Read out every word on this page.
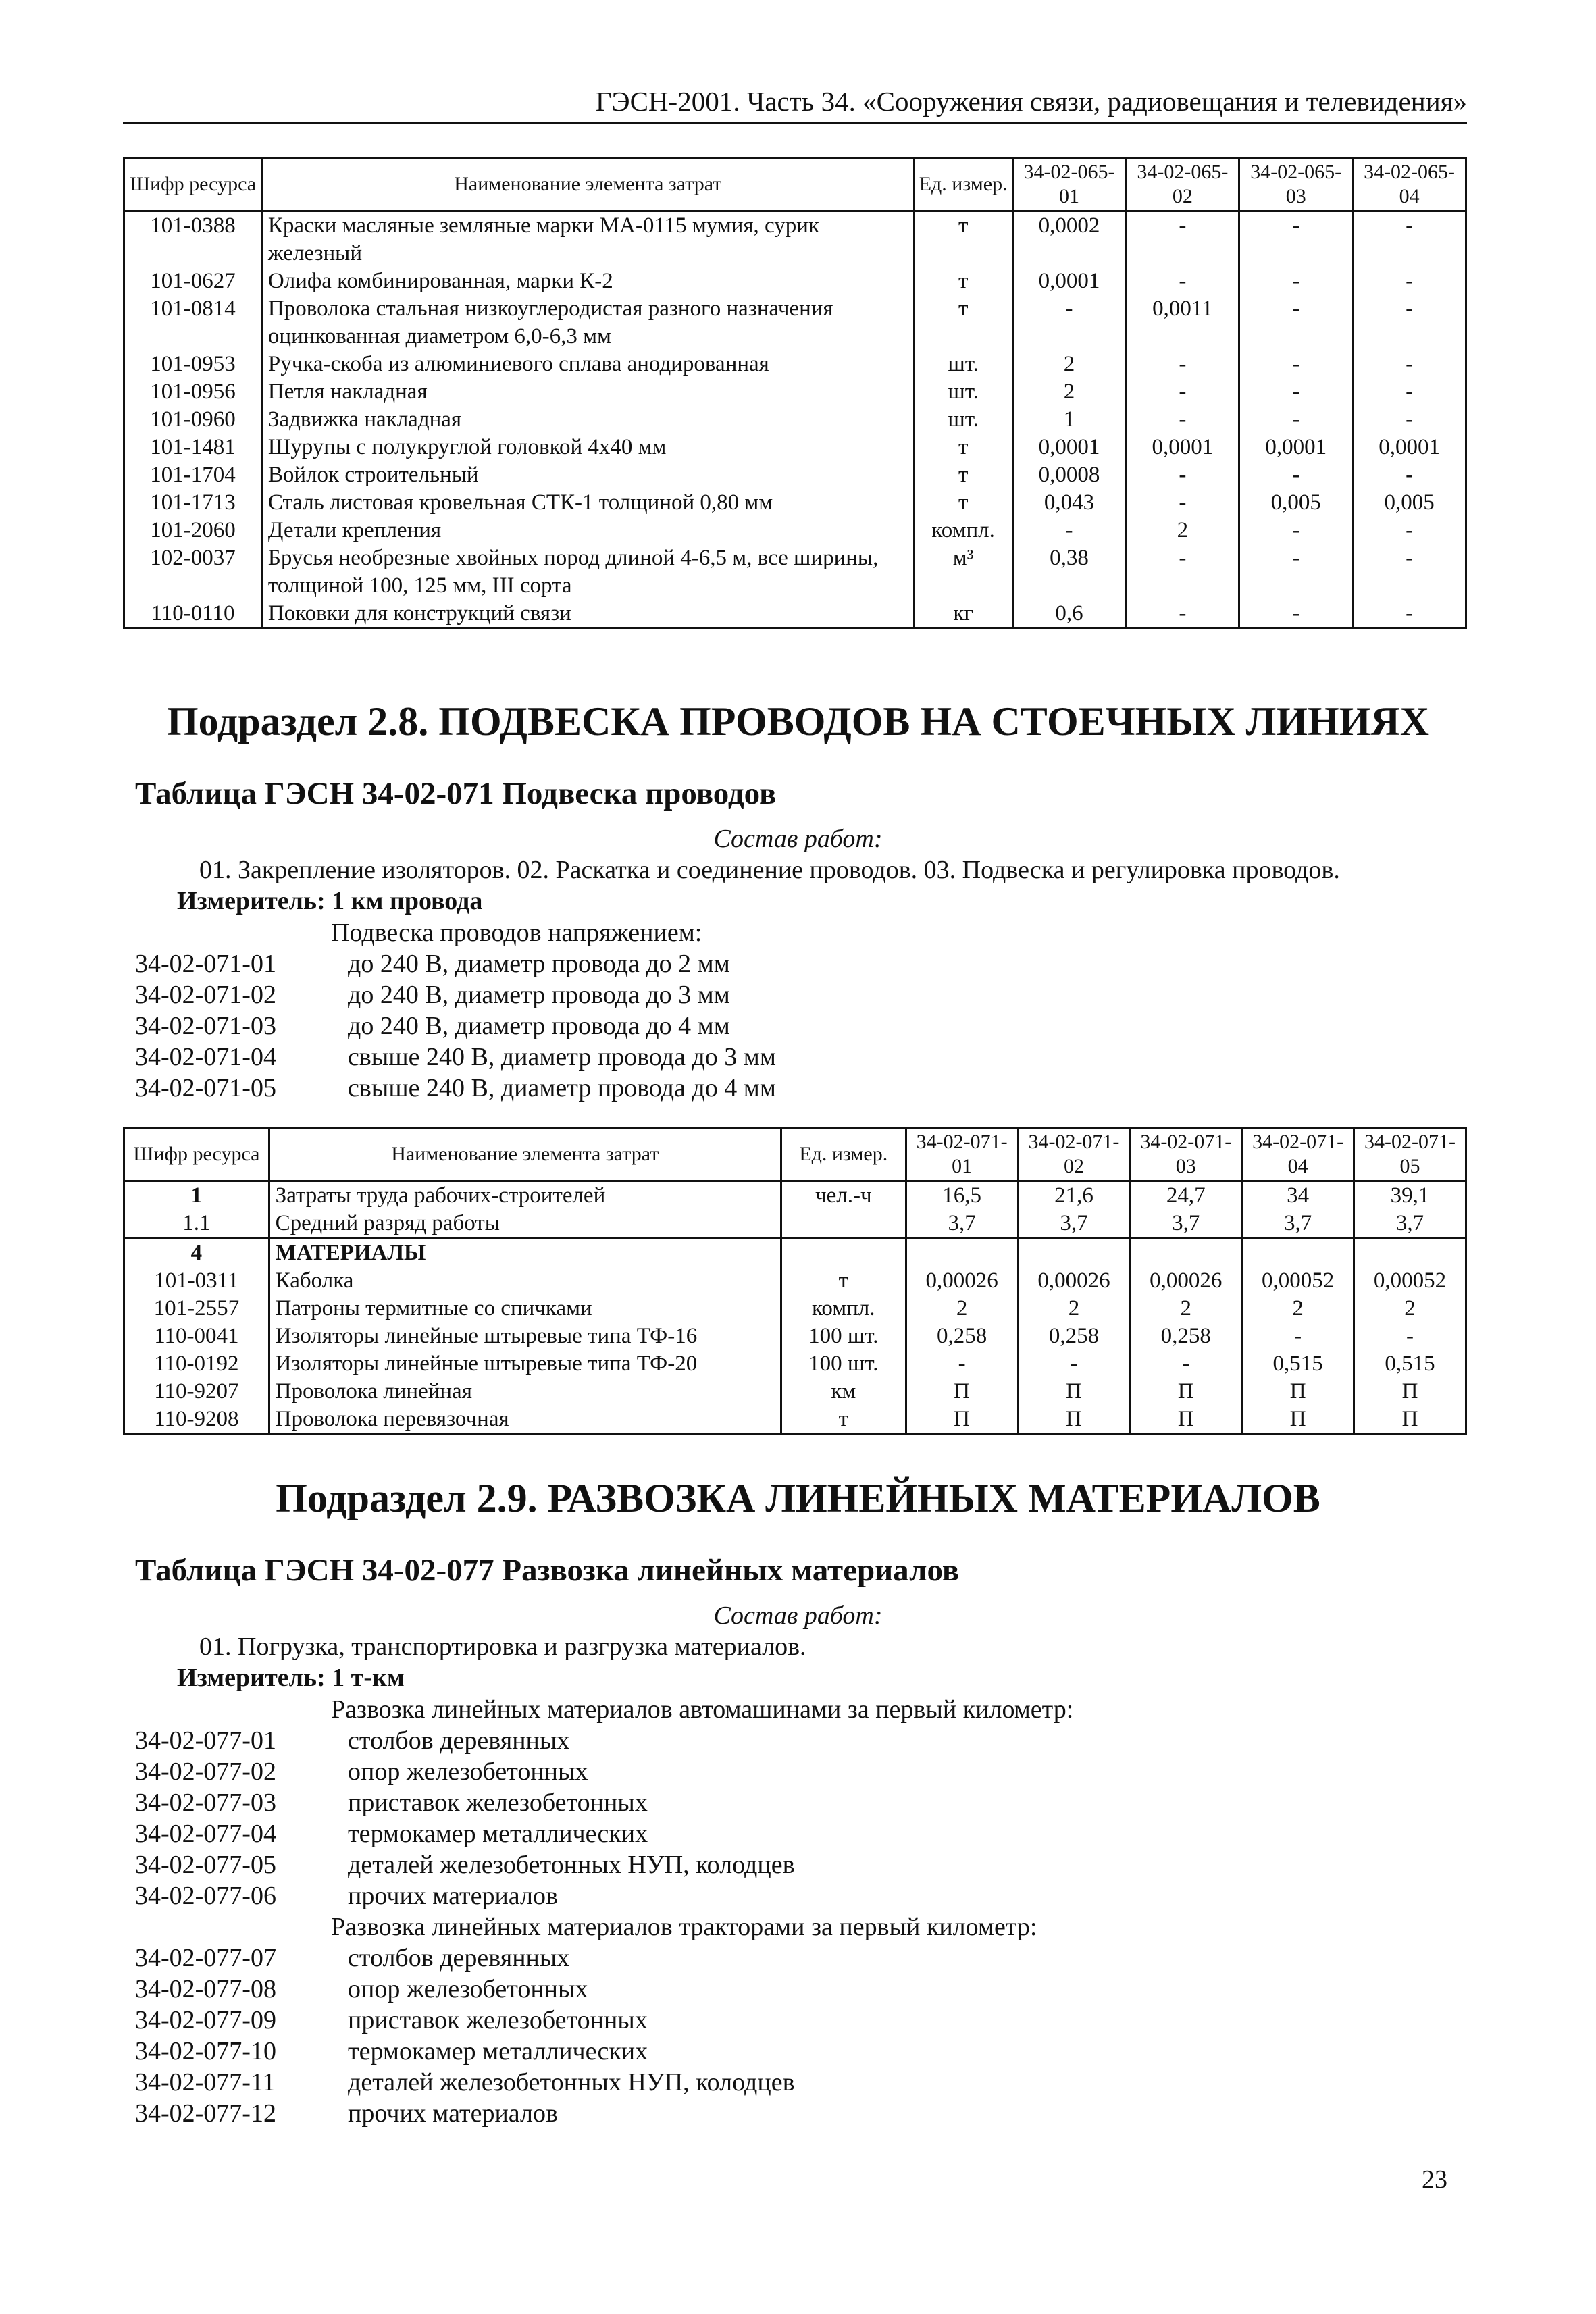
ГЭСН-2001. Часть 34. «Сооружения связи, радиовещания и телевидения»
Шифр ресурса	Наименование элемента затрат	Ед. измер.	34-02-065-01	34-02-065-02	34-02-065-03	34-02-065-04
101-0388	Краски масляные земляные марки МА-0115 мумия, сурик железный	т	0,0002	-	-	-
101-0627	Олифа комбинированная, марки К-2	т	0,0001	-	-	-
101-0814	Проволока стальная низкоуглеродистая разного назначения оцинкованная диаметром 6,0-6,3 мм	т	-	0,0011	-	-
101-0953	Ручка-скоба из алюминиевого сплава анодированная	шт.	2	-	-	-
101-0956	Петля накладная	шт.	2	-	-	-
101-0960	Задвижка накладная	шт.	1	-	-	-
101-1481	Шурупы с полукруглой головкой 4х40 мм	т	0,0001	0,0001	0,0001	0,0001
101-1704	Войлок строительный	т	0,0008	-	-	-
101-1713	Сталь листовая кровельная СТК-1 толщиной 0,80 мм	т	0,043	-	0,005	0,005
101-2060	Детали крепления	компл.	-	2	-	-
102-0037	Брусья необрезные хвойных пород длиной 4-6,5 м, все ширины, толщиной 100, 125 мм, III сорта	м³	0,38	-	-	-
110-0110	Поковки для конструкций связи	кг	0,6	-	-	-
Подраздел 2.8. ПОДВЕСКА ПРОВОДОВ НА СТОЕЧНЫХ ЛИНИЯХ
Таблица ГЭСН 34-02-071 Подвеска проводов
Состав работ:
01. Закрепление изоляторов. 02. Раскатка и соединение проводов. 03. Подвеска и регулировка проводов.
Измеритель: 1 км провода
Подвеска проводов напряжением:
34-02-071-01	до 240 В, диаметр провода до 2 мм
34-02-071-02	до 240 В, диаметр провода до 3 мм
34-02-071-03	до 240 В, диаметр провода до 4 мм
34-02-071-04	свыше 240 В, диаметр провода до 3 мм
34-02-071-05	свыше 240 В, диаметр провода до 4 мм
Шифр ресурса	Наименование элемента затрат	Ед. измер.	34-02-071-01	34-02-071-02	34-02-071-03	34-02-071-04	34-02-071-05
1	Затраты труда рабочих-строителей	чел.-ч	16,5	21,6	24,7	34	39,1
1.1	Средний разряд работы		3,7	3,7	3,7	3,7	3,7
4	МАТЕРИАЛЫ						
101-0311	Каболка	т	0,00026	0,00026	0,00026	0,00052	0,00052
101-2557	Патроны термитные со спичками	компл.	2	2	2	2	2
110-0041	Изоляторы линейные штыревые типа ТФ-16	100 шт.	0,258	0,258	0,258	-	-
110-0192	Изоляторы линейные штыревые типа ТФ-20	100 шт.	-	-	-	0,515	0,515
110-9207	Проволока линейная	км	П	П	П	П	П
110-9208	Проволока перевязочная	т	П	П	П	П	П
Подраздел 2.9. РАЗВОЗКА ЛИНЕЙНЫХ МАТЕРИАЛОВ
Таблица ГЭСН 34-02-077 Развозка линейных материалов
Состав работ:
01. Погрузка, транспортировка и разгрузка материалов.
Измеритель: 1 т-км
Развозка линейных материалов автомашинами за первый километр:
34-02-077-01	столбов деревянных
34-02-077-02	опор железобетонных
34-02-077-03	приставок железобетонных
34-02-077-04	термокамер металлических
34-02-077-05	деталей железобетонных НУП, колодцев
34-02-077-06	прочих материалов
Развозка линейных материалов тракторами за первый километр:
34-02-077-07	столбов деревянных
34-02-077-08	опор железобетонных
34-02-077-09	приставок железобетонных
34-02-077-10	термокамер металлических
34-02-077-11	деталей железобетонных НУП, колодцев
34-02-077-12	прочих материалов
23
